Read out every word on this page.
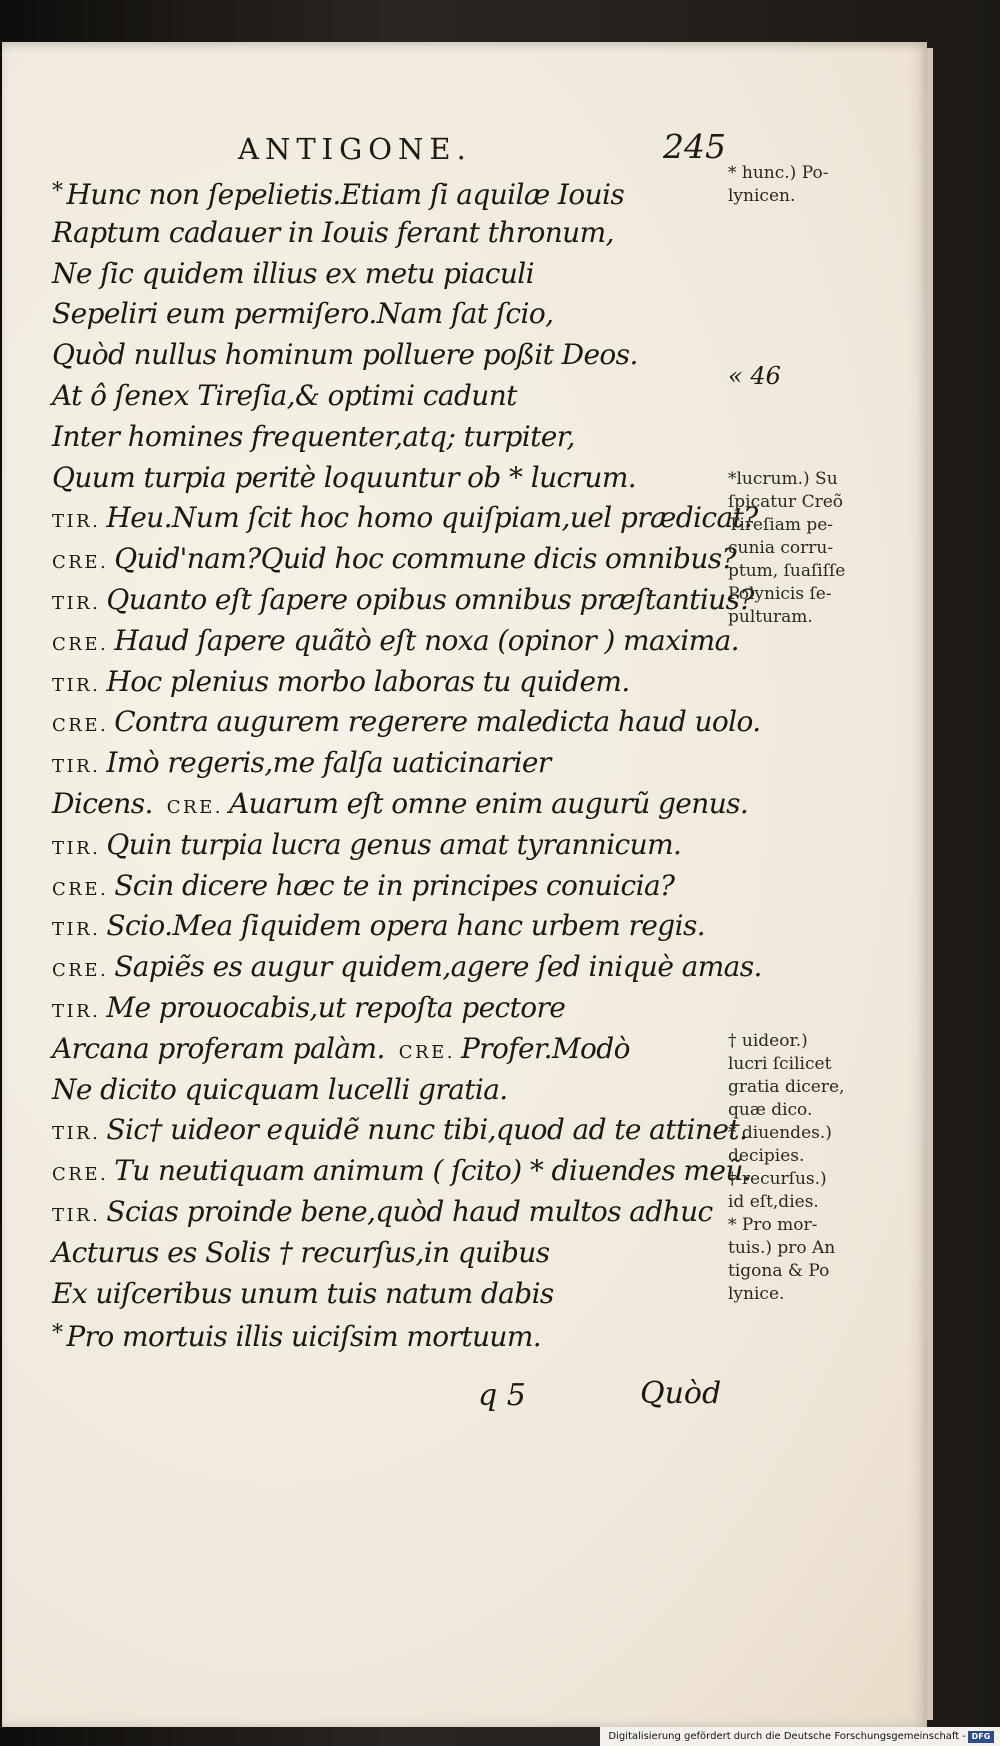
ANTIGONE.	245
* Hunc non ſepelietis.Etiam ſi aquilæ Iouis
Raptum cadauer in Iouis ferant thronum,
Ne ſic quidem illius ex metu piaculi
Sepeliri eum permiſero.Nam ſat ſcio,
Quòd nullus hominum polluere poßit Deos.
At ô ſenex Tireſia,& optimi cadunt
Inter homines frequenter,atq; turpiter,
Quum turpia peritè loquuntur ob * lucrum.
TIR. Heu.Num ſcit hoc homo quiſpiam,uel prædicat?
CRE. Quid'nam?Quid hoc commune dicis omnibus?
TIR. Quanto eſt ſapere opibus omnibus præſtantius?
CRE. Haud ſapere quãtò eſt noxa (opinor ) maxima.
TIR. Hoc plenius morbo laboras tu quidem.
CRE. Contra augurem regerere maledicta haud uolo.
TIR. Imò regeris,me falſa uaticinarier
Dicens. CRE. Auarum eſt omne enim augurũ genus.
TIR. Quin turpia lucra genus amat tyrannicum.
CRE. Scin dicere hæc te in principes conuicia?
TIR. Scio.Mea ſiquidem opera hanc urbem regis.
CRE. Sapiẽs es augur quidem,agere ſed iniquè amas.
TIR. Me prouocabis,ut repoſta pectore
Arcana proferam palàm. CRE. Profer.Modò
Ne dicito quicquam lucelli gratia.
TIR. Sic† uideor equidẽ nunc tibi,quod ad te attinet.
CRE. Tu neutiquam animum ( ſcito) * diuendes meũ.
TIR. Scias proinde bene,quòd haud multos adhuc
Acturus es Solis † recurſus,in quibus
Ex uiſceribus unum tuis natum dabis
* Pro mortuis illis uiciſsim mortuum.
* hunc.) Po-
lynicen.
« 46
*lucrum.) Su
ſpicatur Creõ
Tireſiam pe-
cunia corru-
ptum, ſuaſiſſe
Polynicis ſe-
pulturam.
† uideor.)
lucri ſcilicet
gratia dicere,
quæ dico.
* diuendes.)
decipies.
† recurſus.)
id eſt,dies.
* Pro mor-
tuis.) pro An
tigona & Po
lynice.
q 5	Quòd
Digitalisierung gefördert durch die Deutsche Forschungsgemeinschaft - DFG
